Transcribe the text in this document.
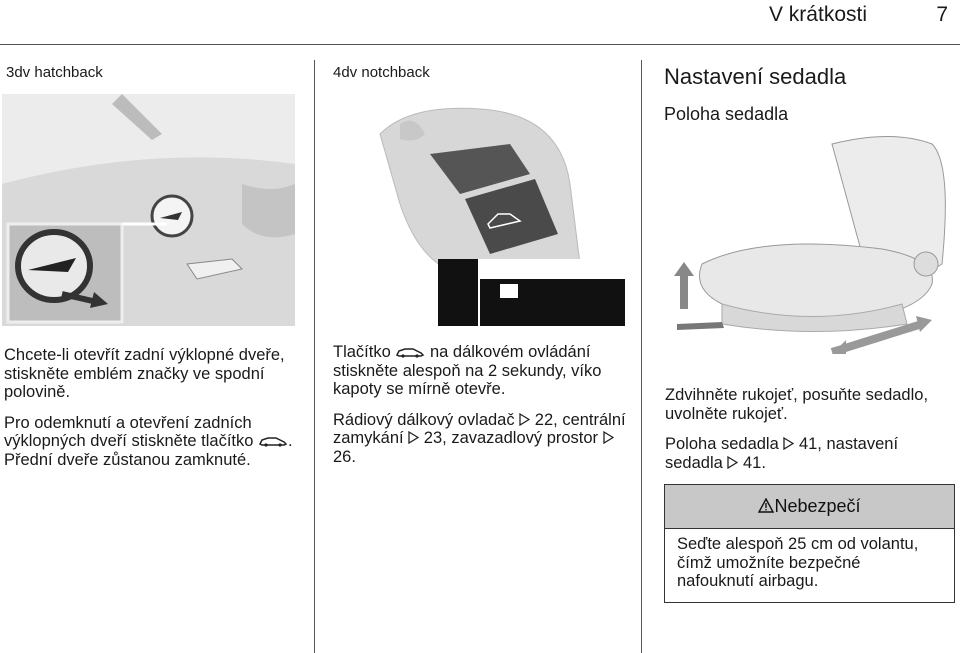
V krátkosti	7
3dv hatchback

Chcete-li otevřít zadní výklopné dveře, stiskněte emblém značky ve spodní polovině.

Pro odemknutí a otevření zadních výklopných dveří stiskněte tlačítko . Přední dveře zůstanou zamknuté.

4dv notchback

Tlačítko na dálkovém ovládání stiskněte alespoň na 2 sekundy, víko kapoty se mírně otevře.

Rádiový dálkový ovladač 22, centrální zamykání 23, zavazadlový prostor  26.

Nastavení sedadla
Poloha sedadla

Zdvihněte rukojeť, posuňte sedadlo, uvolněte rukojeť.

Poloha sedadla 41, nastavení sedadla 41.

Nebezpečí
Seďte alespoň 25 cm od volantu, čímž umožníte bezpečné nafouknutí airbagu.
